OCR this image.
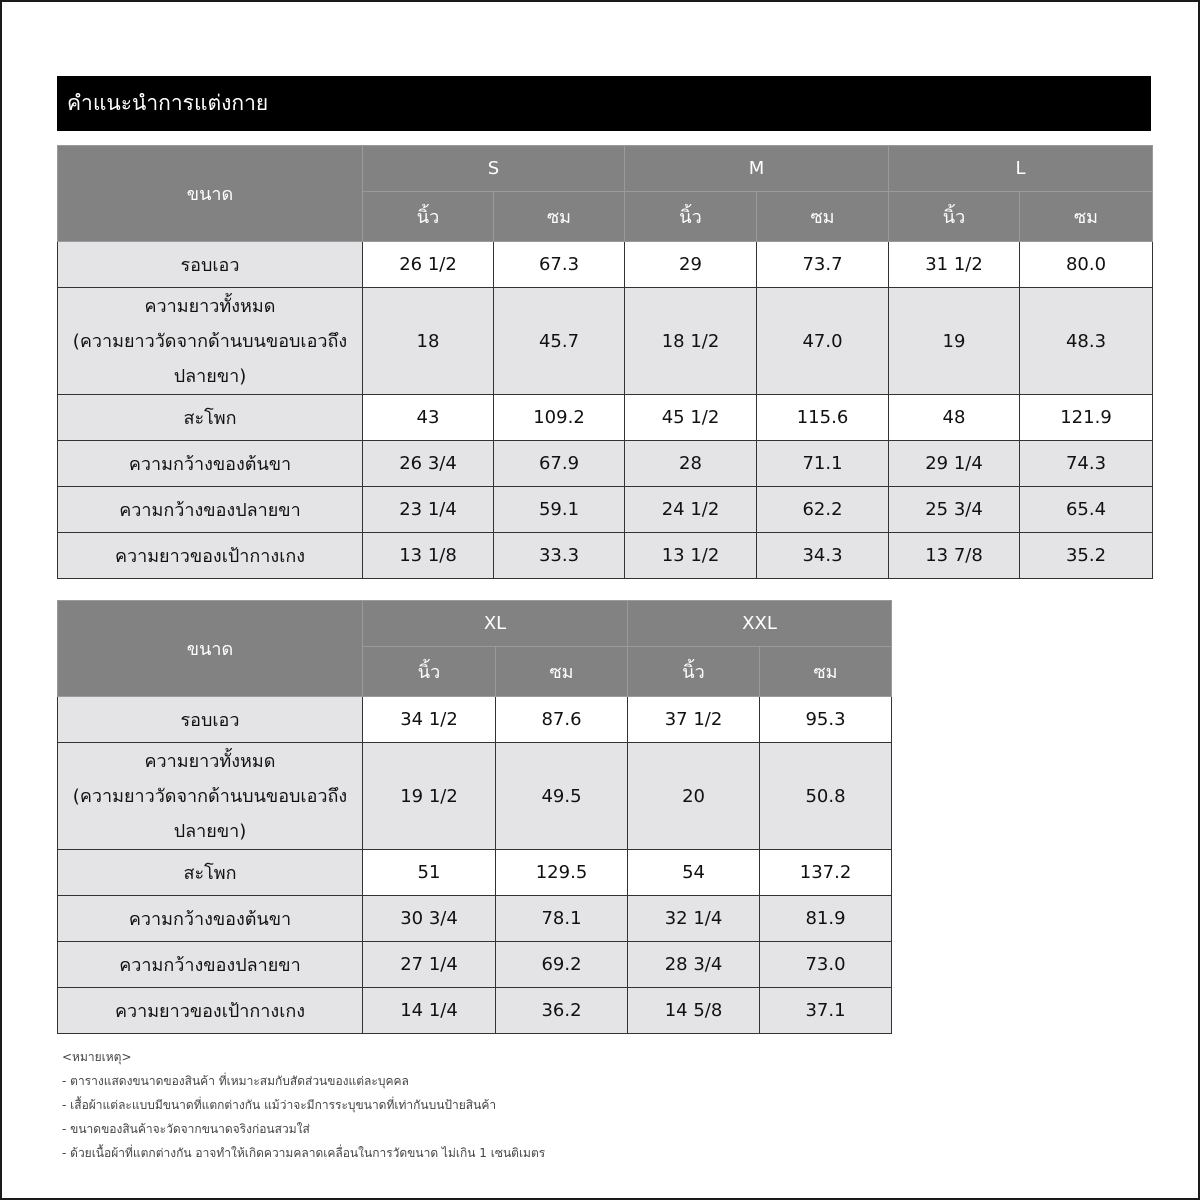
คำแนะนำการแต่งกาย
ขนาด	S		M		L	
	นิ้ว	ซม	นิ้ว	ซม	นิ้ว	ซม
รอบเอว	26 1/2	67.3	29	73.7	31 1/2	80.0

ความยาวทั้งหมด
(ความยาววัดจากด้านบนขอบเอวถึง
ปลายขา)	18	45.7	18 1/2	47.0	19	48.3
สะโพก	43	109.2	45 1/2	115.6	48	121.9
ความกว้างของต้นขา	26 3/4	67.9	28	71.1	29 1/4	74.3
ความกว้างของปลายขา	23 1/4	59.1	24 1/2	62.2	25 3/4	65.4
ความยาวของเป้ากางเกง	13 1/8	33.3	13 1/2	34.3	13 7/8	35.2
ขนาด	XL		XXL	
	นิ้ว	ซม	นิ้ว	ซม
รอบเอว	34 1/2	87.6	37 1/2	95.3

ความยาวทั้งหมด
(ความยาววัดจากด้านบนขอบเอวถึง
ปลายขา)	19 1/2	49.5	20	50.8
สะโพก	51	129.5	54	137.2
ความกว้างของต้นขา	30 3/4	78.1	32 1/4	81.9
ความกว้างของปลายขา	27 1/4	69.2	28 3/4	73.0
ความยาวของเป้ากางเกง	14 1/4	36.2	14 5/8	37.1
<หมายเหตุ>
- ตารางแสดงขนาดของสินค้า ที่เหมาะสมกับสัดส่วนของแต่ละบุคคล
- เสื้อผ้าแต่ละแบบมีขนาดที่แตกต่างกัน แม้ว่าจะมีการระบุขนาดที่เท่ากันบนป้ายสินค้า
- ขนาดของสินค้าจะวัดจากขนาดจริงก่อนสวมใส่
- ด้วยเนื้อผ้าที่แตกต่างกัน อาจทำให้เกิดความคลาดเคลื่อนในการวัดขนาด ไม่เกิน 1 เซนติเมตร
